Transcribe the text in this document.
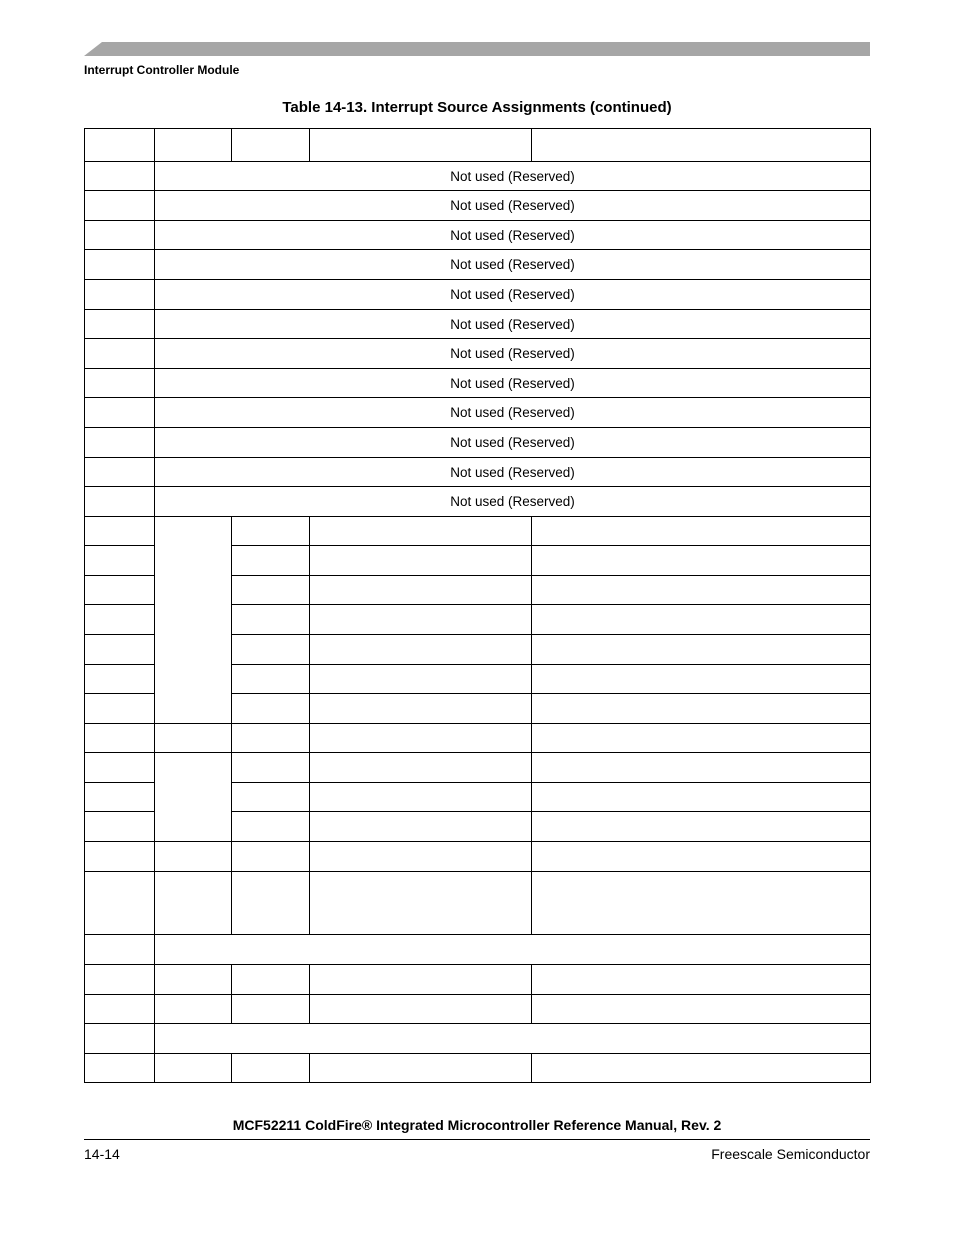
Interrupt Controller Module
Table 14-13. Interrupt Source Assignments (continued)

	Not used (Reserved)			
	Not used (Reserved)			
	Not used (Reserved)			
	Not used (Reserved)			
	Not used (Reserved)			
	Not used (Reserved)			
	Not used (Reserved)			
	Not used (Reserved)			
	Not used (Reserved)			
	Not used (Reserved)			
	Not used (Reserved)			
	Not used (Reserved)			

MCF52211 ColdFire® Integrated Microcontroller Reference Manual, Rev. 2
14-14	Freescale Semiconductor
